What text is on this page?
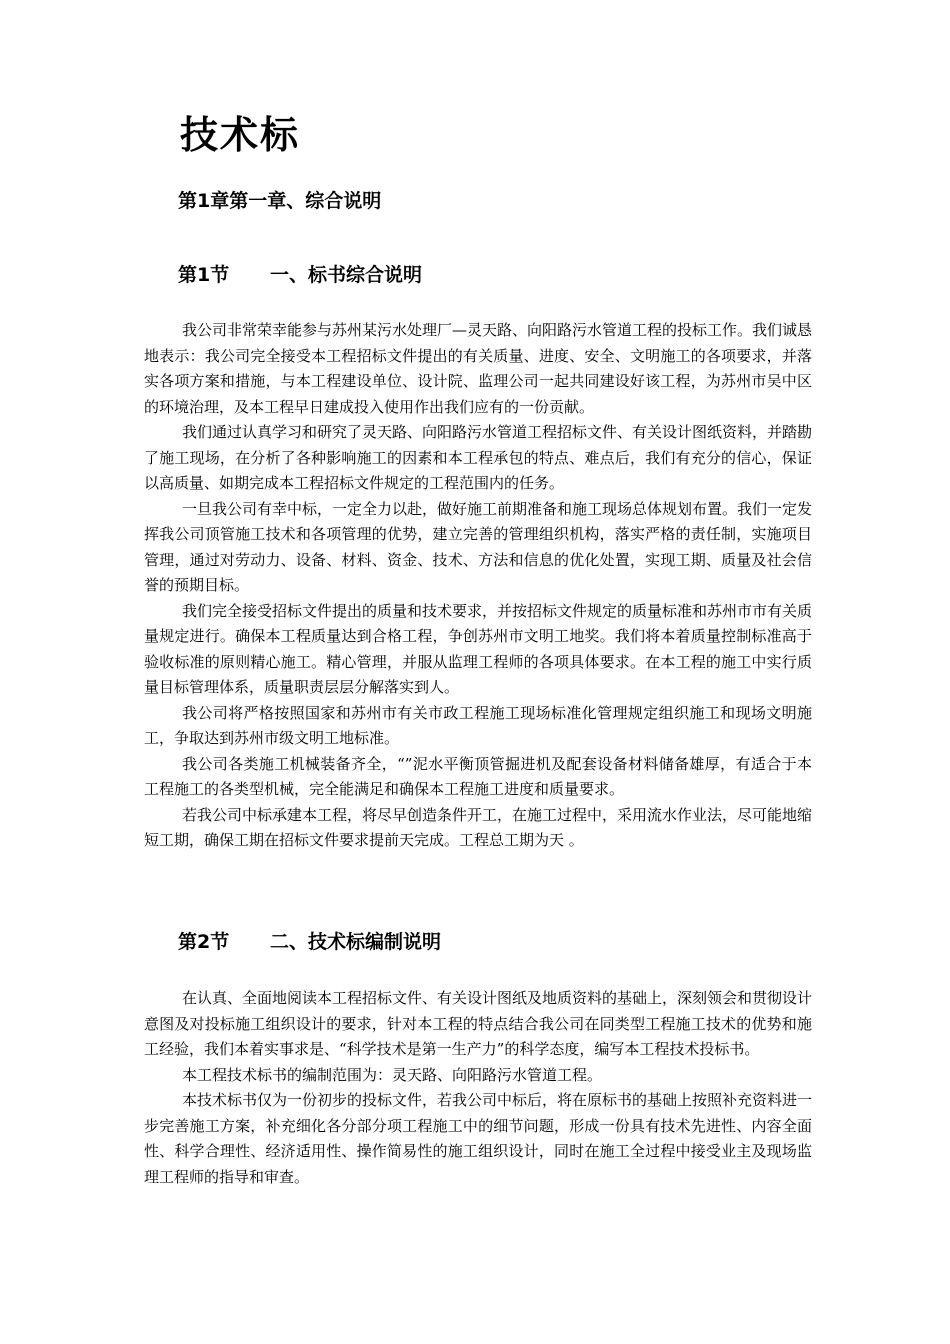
技术标
第1章第一章、综合说明
第1节 一、标书综合说明

我公司非常荣幸能参与苏州某污水处理厂—灵天路、向阳路污水管道工程的投标工作。我们诚恳地表示：我公司完全接受本工程招标文件提出的有关质量、进度、安全、文明施工的各项要求，并落实各项方案和措施，与本工程建设单位、设计院、监理公司一起共同建设好该工程，为苏州市吴中区的环境治理，及本工程早日建成投入使用作出我们应有的一份贡献。

我们通过认真学习和研究了灵天路、向阳路污水管道工程招标文件、有关设计图纸资料，并踏勘了施工现场，在分析了各种影响施工的因素和本工程承包的特点、难点后，我们有充分的信心，保证以高质量、如期完成本工程招标文件规定的工程范围内的任务。

一旦我公司有幸中标，一定全力以赴，做好施工前期准备和施工现场总体规划布置。我们一定发挥我公司顶管施工技术和各项管理的优势，建立完善的管理组织机构，落实严格的责任制，实施项目管理，通过对劳动力、设备、材料、资金、技术、方法和信息的优化处置，实现工期、质量及社会信誉的预期目标。

我们完全接受招标文件提出的质量和技术要求，并按招标文件规定的质量标准和苏州市市有关质量规定进行。确保本工程质量达到合格工程，争创苏州市文明工地奖。我们将本着质量控制标准高于验收标准的原则精心施工。精心管理，并服从监理工程师的各项具体要求。在本工程的施工中实行质量目标管理体系，质量职责层层分解落实到人。

我公司将严格按照国家和苏州市有关市政工程施工现场标准化管理规定组织施工和现场文明施工，争取达到苏州市级文明工地标准。

我公司各类施工机械装备齐全，“”泥水平衡顶管掘进机及配套设备材料储备雄厚，有适合于本工程施工的各类型机械，完全能满足和确保本工程施工进度和质量要求。

若我公司中标承建本工程，将尽早创造条件开工，在施工过程中，采用流水作业法，尽可能地缩短工期，确保工期在招标文件要求提前天完成。工程总工期为天 。

第2节 二、技术标编制说明

在认真、全面地阅读本工程招标文件、有关设计图纸及地质资料的基础上，深刻领会和贯彻设计意图及对投标施工组织设计的要求，针对本工程的特点结合我公司在同类型工程施工技术的优势和施工经验，我们本着实事求是、“科学技术是第一生产力”的科学态度，编写本工程技术投标书。

本工程技术标书的编制范围为：灵天路、向阳路污水管道工程。

本技术标书仅为一份初步的投标文件，若我公司中标后，将在原标书的基础上按照补充资料进一步完善施工方案，补充细化各分部分项工程施工中的细节问题，形成一份具有技术先进性、内容全面性、科学合理性、经济适用性、操作简易性的施工组织设计，同时在施工全过程中接受业主及现场监理工程师的指导和审查。
